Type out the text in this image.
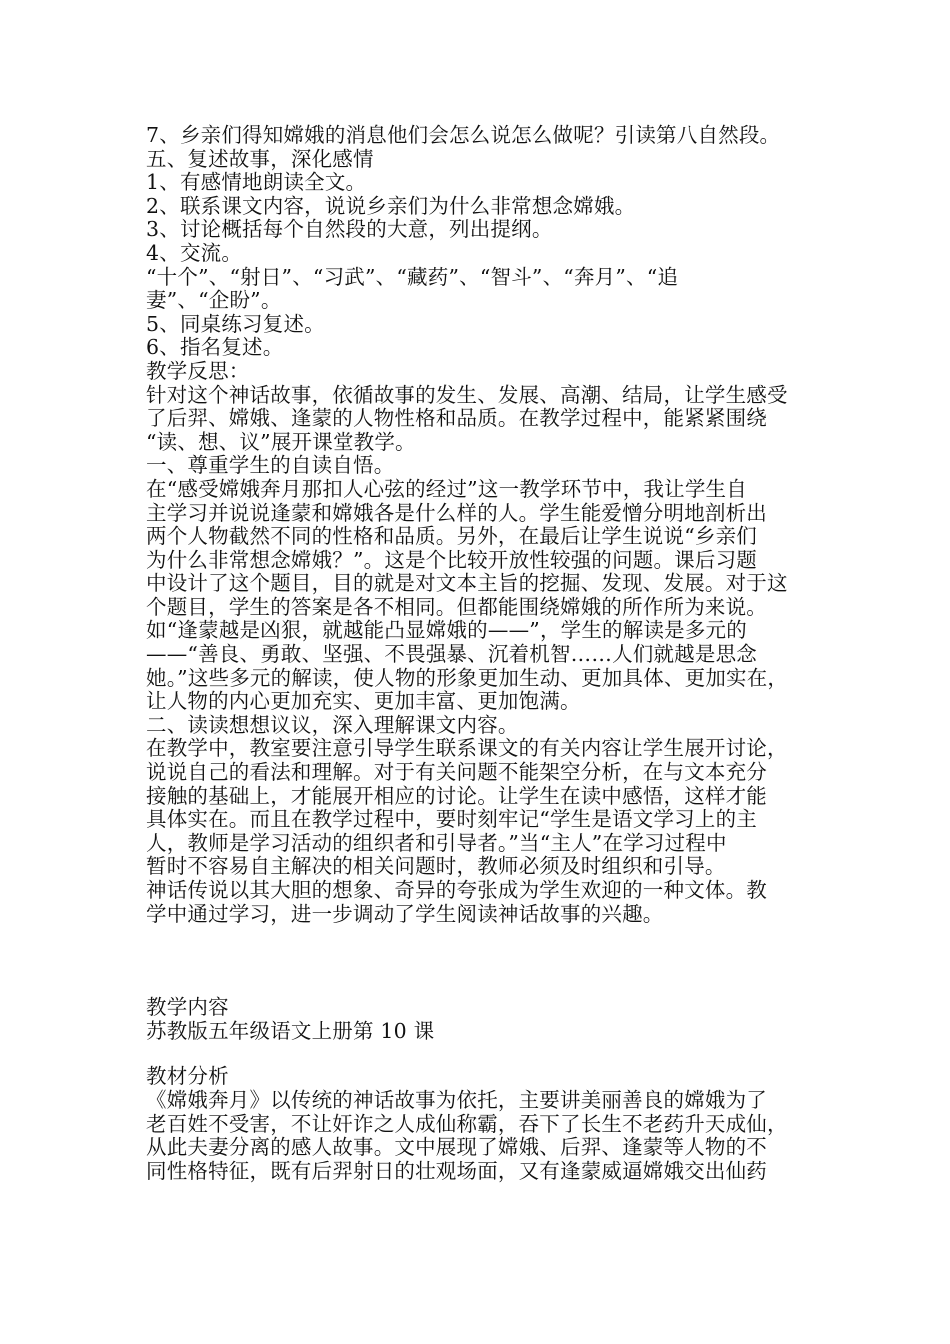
7、乡亲们得知嫦娥的消息他们会怎么说怎么做呢？引读第八自然段。
五、复述故事，深化感情
1、有感情地朗读全文。
2、联系课文内容，说说乡亲们为什么非常想念嫦娥。
3、讨论概括每个自然段的大意，列出提纲。
4、交流。
“十个”、“射日”、“习武”、“藏药”、“智斗”、“奔月”、“追
妻”、“企盼”。
5、同桌练习复述。
6、指名复述。
教学反思：
针对这个神话故事，依循故事的发生、发展、高潮、结局，让学生感受
了后羿、嫦娥、逢蒙的人物性格和品质。在教学过程中，能紧紧围绕
“读、想、议”展开课堂教学。
一、尊重学生的自读自悟。
在“感受嫦娥奔月那扣人心弦的经过”这一教学环节中，我让学生自
主学习并说说逢蒙和嫦娥各是什么样的人。学生能爱憎分明地剖析出
两个人物截然不同的性格和品质。另外，在最后让学生说说“乡亲们
为什么非常想念嫦娥？”。这是个比较开放性较强的问题。课后习题
中设计了这个题目，目的就是对文本主旨的挖掘、发现、发展。对于这
个题目，学生的答案是各不相同。但都能围绕嫦娥的所作所为来说。
如“逢蒙越是凶狠，就越能凸显嫦娥的——”，学生的解读是多元的
——“善良、勇敢、坚强、不畏强暴、沉着机智……人们就越是思念
她。”这些多元的解读，使人物的形象更加生动、更加具体、更加实在，
让人物的内心更加充实、更加丰富、更加饱满。
二、读读想想议议，深入理解课文内容。
在教学中，教室要注意引导学生联系课文的有关内容让学生展开讨论，
说说自己的看法和理解。对于有关问题不能架空分析，在与文本充分
接触的基础上，才能展开相应的讨论。让学生在读中感悟，这样才能
具体实在。而且在教学过程中，要时刻牢记“学生是语文学习上的主
人，教师是学习活动的组织者和引导者。”当“主人”在学习过程中
暂时不容易自主解决的相关问题时，教师必须及时组织和引导。
神话传说以其大胆的想象、奇异的夸张成为学生欢迎的一种文体。教
学中通过学习，进一步调动了学生阅读神话故事的兴趣。
教学内容
苏教版五年级语文上册第 10 课
教材分析
《嫦娥奔月》以传统的神话故事为依托，主要讲美丽善良的嫦娥为了
老百姓不受害，不让奸诈之人成仙称霸，吞下了长生不老药升天成仙，
从此夫妻分离的感人故事。文中展现了嫦娥、后羿、逢蒙等人物的不
同性格特征，既有后羿射日的壮观场面，又有逢蒙威逼嫦娥交出仙药
